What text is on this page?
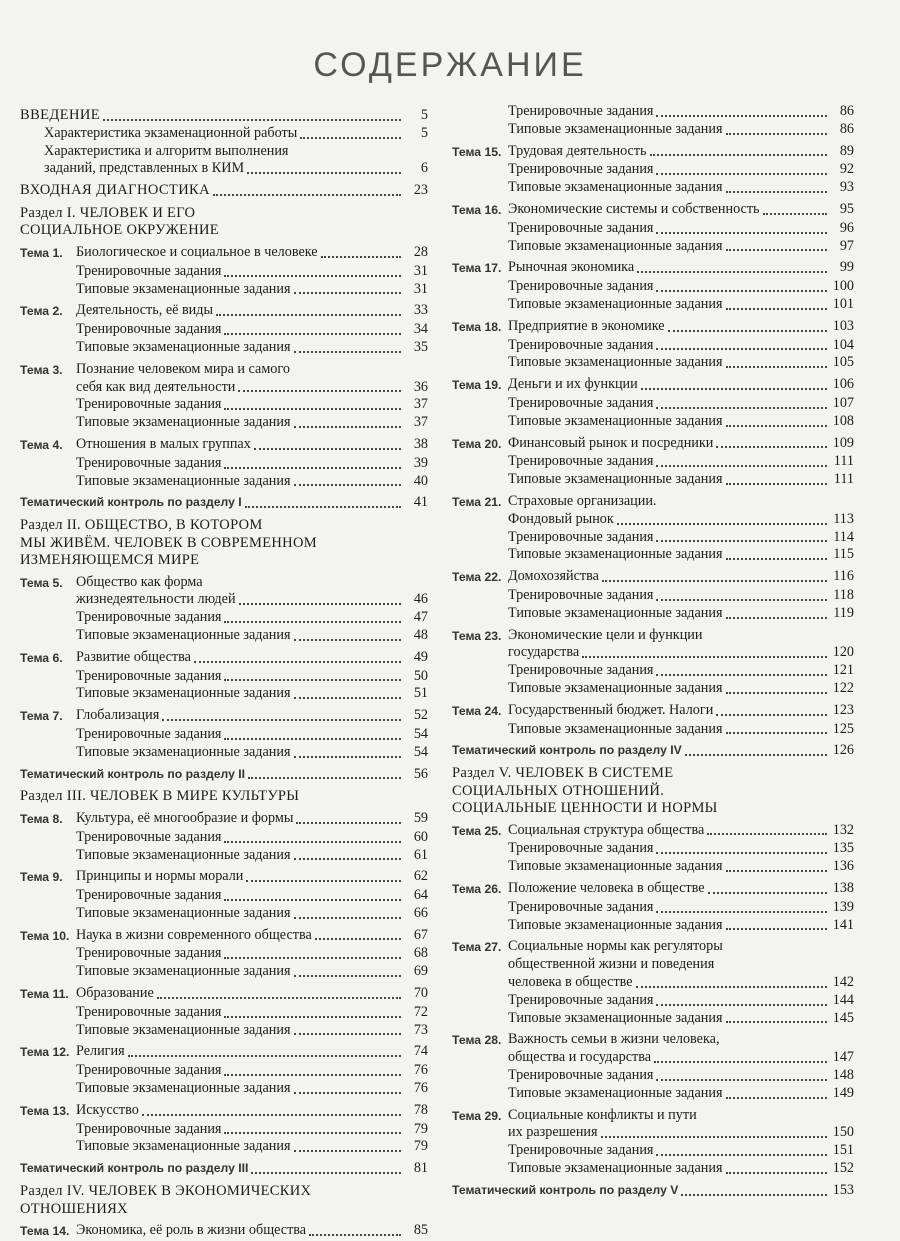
СОДЕРЖАНИЕ
ВВЕДЕНИЕ	5
Характеристика экзаменационной работы	5
Характеристика и алгоритм выполнения
заданий, представленных в КИМ	6
ВХОДНАЯ ДИАГНОСТИКА	23
Раздел I. ЧЕЛОВЕК И ЕГО
СОЦИАЛЬНОЕ ОКРУЖЕНИЕ
Тема 1. Биологическое и социальное в человеке	28
Тренировочные задания	31
Типовые экзаменационные задания	31
Тема 2. Деятельность, её виды	33
Тренировочные задания	34
Типовые экзаменационные задания	35
Тема 3. Познание человеком мира и самого
себя как вид деятельности	36
Тренировочные задания	37
Типовые экзаменационные задания	37
Тема 4. Отношения в малых группах	38
Тренировочные задания	39
Типовые экзаменационные задания	40
Тематический контроль по разделу I	41
Раздел II. ОБЩЕСТВО, В КОТОРОМ
МЫ ЖИВЁМ. ЧЕЛОВЕК В СОВРЕМЕННОМ
ИЗМЕНЯЮЩЕМСЯ МИРЕ
Тема 5. Общество как форма
жизнедеятельности людей	46
Тренировочные задания	47
Типовые экзаменационные задания	48
Тема 6. Развитие общества	49
Тренировочные задания	50
Типовые экзаменационные задания	51
Тема 7. Глобализация	52
Тренировочные задания	54
Типовые экзаменационные задания	54
Тематический контроль по разделу II	56
Раздел III. ЧЕЛОВЕК В МИРЕ КУЛЬТУРЫ
Тема 8. Культура, её многообразие и формы	59
Тренировочные задания	60
Типовые экзаменационные задания	61
Тема 9. Принципы и нормы морали	62
Тренировочные задания	64
Типовые экзаменационные задания	66
Тема 10. Наука в жизни современного общества	67
Тренировочные задания	68
Типовые экзаменационные задания	69
Тема 11. Образование	70
Тренировочные задания	72
Типовые экзаменационные задания	73
Тема 12. Религия	74
Тренировочные задания	76
Типовые экзаменационные задания	76
Тема 13. Искусство	78
Тренировочные задания	79
Типовые экзаменационные задания	79
Тематический контроль по разделу III	81
Раздел IV. ЧЕЛОВЕК В ЭКОНОМИЧЕСКИХ
ОТНОШЕНИЯХ
Тема 14. Экономика, её роль в жизни общества	85
Тренировочные задания	86
Типовые экзаменационные задания	86
Тема 15. Трудовая деятельность	89
Тренировочные задания	92
Типовые экзаменационные задания	93
Тема 16. Экономические системы и собственность	95
Тренировочные задания	96
Типовые экзаменационные задания	97
Тема 17. Рыночная экономика	99
Тренировочные задания	100
Типовые экзаменационные задания	101
Тема 18. Предприятие в экономике	103
Тренировочные задания	104
Типовые экзаменационные задания	105
Тема 19. Деньги и их функции	106
Тренировочные задания	107
Типовые экзаменационные задания	108
Тема 20. Финансовый рынок и посредники	109
Тренировочные задания	111
Типовые экзаменационные задания	111
Тема 21. Страховые организации.
Фондовый рынок	113
Тренировочные задания	114
Типовые экзаменационные задания	115
Тема 22. Домохозяйства	116
Тренировочные задания	118
Типовые экзаменационные задания	119
Тема 23. Экономические цели и функции
государства	120
Тренировочные задания	121
Типовые экзаменационные задания	122
Тема 24. Государственный бюджет. Налоги	123
Типовые экзаменационные задания	125
Тематический контроль по разделу IV	126
Раздел V. ЧЕЛОВЕК В СИСТЕМЕ
СОЦИАЛЬНЫХ ОТНОШЕНИЙ.
СОЦИАЛЬНЫЕ ЦЕННОСТИ И НОРМЫ
Тема 25. Социальная структура общества	132
Тренировочные задания	135
Типовые экзаменационные задания	136
Тема 26. Положение человека в обществе	138
Тренировочные задания	139
Типовые экзаменационные задания	141
Тема 27. Социальные нормы как регуляторы
общественной жизни и поведения
человека в обществе	142
Тренировочные задания	144
Типовые экзаменационные задания	145
Тема 28. Важность семьи в жизни человека,
общества и государства	147
Тренировочные задания	148
Типовые экзаменационные задания	149
Тема 29. Социальные конфликты и пути
их разрешения	150
Тренировочные задания	151
Типовые экзаменационные задания	152
Тематический контроль по разделу V	153
